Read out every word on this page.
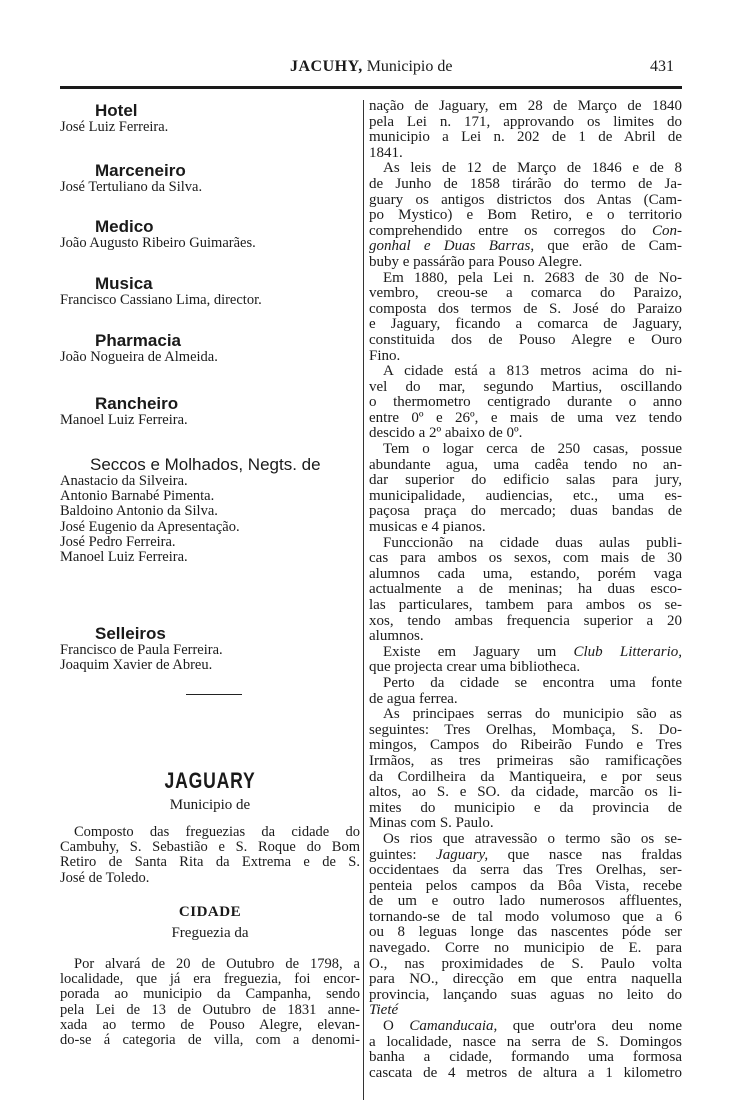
JACUHY, Municipio de	431
Hotel
José Luiz Ferreira.
Marceneiro
José Tertuliano da Silva.
Medico
João Augusto Ribeiro Guimarães.
Musica
Francisco Cassiano Lima, director.
Pharmacia
João Nogueira de Almeida.
Rancheiro
Manoel Luiz Ferreira.
Seccos e Molhados, Negts. de
Anastacio da Silveira.
Antonio Barnabé Pimenta.
Baldoino Antonio da Silva.
José Eugenio da Apresentação.
José Pedro Ferreira.
Manoel Luiz Ferreira.
Selleiros
Francisco de Paula Ferreira.
Joaquim Xavier de Abreu.
JAGUARY
Municipio de
Composto das freguezias da cidade do
Cambuhy, S. Sebastião e S. Roque do Bom
Retiro de Santa Rita da Extrema e de S.
José de Toledo.
CIDADE
Freguezia da
Por alvará de 20 de Outubro de 1798, a
localidade, que já era freguezia, foi encor-
porada ao municipio da Campanha, sendo
pela Lei de 13 de Outubro de 1831 anne-
xada ao termo de Pouso Alegre, elevan-
do-se á categoria de villa, com a denomi-
nação de Jaguary, em 28 de Março de 1840
pela Lei n. 171, approvando os limites do
municipio a Lei n. 202 de 1 de Abril de
1841.
As leis de 12 de Março de 1846 e de 8
de Junho de 1858 tirárão do termo de Ja-
guary os antigos districtos dos Antas (Cam-
po Mystico) e Bom Retiro, e o territorio
comprehendido entre os corregos do Con-
gonhal e Duas Barras, que erão de Cam-
buby e passárão para Pouso Alegre.
Em 1880, pela Lei n. 2683 de 30 de No-
vembro, creou-se a comarca do Paraizo,
composta dos termos de S. José do Paraizo
e Jaguary, ficando a comarca de Jaguary,
constituida dos de Pouso Alegre e Ouro
Fino.
A cidade está a 813 metros acima do ni-
vel do mar, segundo Martius, oscillando
o thermometro centigrado durante o anno
entre 0º e 26º, e mais de uma vez tendo
descido a 2º abaixo de 0º.
Tem o logar cerca de 250 casas, possue
abundante agua, uma cadêa tendo no an-
dar superior do edificio salas para jury,
municipalidade, audiencias, etc., uma es-
paçosa praça do mercado; duas bandas de
musicas e 4 pianos.
Funccionão na cidade duas aulas publi-
cas para ambos os sexos, com mais de 30
alumnos cada uma, estando, porém vaga
actualmente a de meninas; ha duas esco-
las particulares, tambem para ambos os se-
xos, tendo ambas frequencia superior a 20
alumnos.
Existe em Jaguary um Club Litterario,
que projecta crear uma bibliotheca.
Perto da cidade se encontra uma fonte
de agua ferrea.
As principaes serras do municipio são as
seguintes: Tres Orelhas, Mombaça, S. Do-
mingos, Campos do Ribeirão Fundo e Tres
Irmãos, as tres primeiras são ramificações
da Cordilheira da Mantiqueira, e por seus
altos, ao S. e SO. da cidade, marcão os li-
mites do municipio e da provincia de
Minas com S. Paulo.
Os rios que atravessão o termo são os se-
guintes: Jaguary, que nasce nas fraldas
occidentaes da serra das Tres Orelhas, ser-
penteia pelos campos da Bôa Vista, recebe
de um e outro lado numerosos affluentes,
tornando-se de tal modo volumoso que a 6
ou 8 leguas longe das nascentes póde ser
navegado. Corre no municipio de E. para
O., nas proximidades de S. Paulo volta
para NO., direcção em que entra naquella
provincia, lançando suas aguas no leito do
Tieté
O Camanducaia, que outr'ora deu nome
a localidade, nasce na serra de S. Domingos
banha a cidade, formando uma formosa
cascata de 4 metros de altura a 1 kilometro
